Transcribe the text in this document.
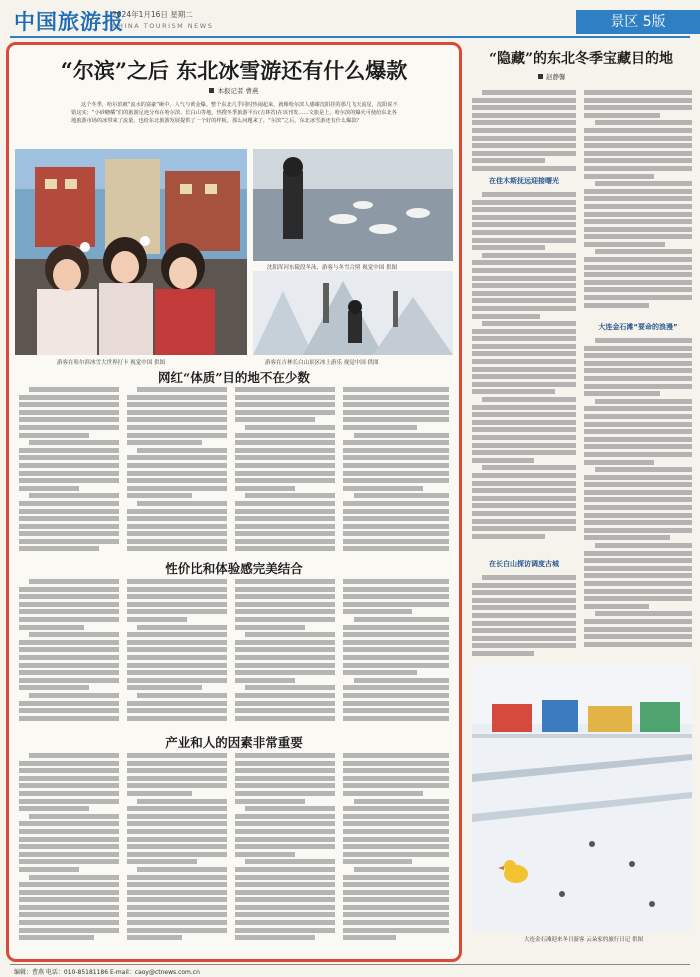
中国旅游报
2024年1月16日 星期二
CHINA TOURISM NEWS	景区 5版
“尔滨”之后 东北冰雪游还有什么爆款
本报记者 曹燕
这个冬季，哈尔滨被“流水的富豪”砸中，人气与黄金爆。整个东北几乎同时热闹起来，就像哈尔滨人感谢沈阳挂的那几飞天流星，沈阳说不错这实；“小砂糖橘”们的旅游足迹分布在哈尔滨、长白山等地，热搜冬季旅游平台(吉林省)在该刊发……文旅是上，哈尔滨的爆火可使给东北各地旅游市场的冰带来了流量，也给东北旅游发展提供了一个好的样板。那么问题来了，“尔滨”之后，东北冰雪游还有什么爆款？
游客在哈尔滨冰雪大世界打卡 视觉中国 供图
沈阳浑河东陵段冬泳，游客与冬雪合照 视觉中国 供图
游客在吉林长白山景区冰上游乐 视觉中国 供图
网红“体质”目的地不在少数
性价比和体验感完美结合
产业和人的因素非常重要
“隐藏”的东北冬季宝藏目的地
赵静馨
在佳木斯抚远迎接曙光
在长白山探访调度古城
大连金石滩“要命的浪漫”
大连金石滩迎来冬日游客 云朵家的旅行日记 供图
编辑：曹燕 电话：010-85181186 E-mail：caoy@ctnews.com.cn
